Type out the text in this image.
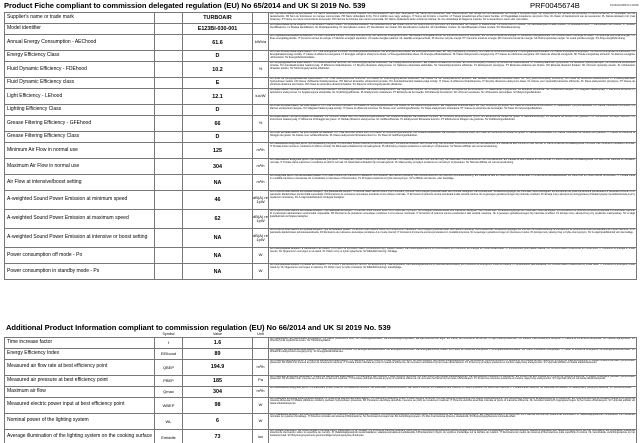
Product Fiche compliant to commission delegated regulation (EU) No 65/2014 and UK SI 2019 No. 539	PRF0045674B	F01810/2008 D1 09/08
Supplier's name or trade mark		TURBOAIR		BG Търговска марка на доставчика. CS Název dodavatele nebo ochranná známka. DA Leverandørens navn eller varemærke. DE Name des Lieferanten oder Warenzeichen. EE Tarnija nimi või kaubamärk. EL Όνομα ή εμπορικό σήμα του προμηθευτή. ES Nombre del proveedor o marca comercial. FI Toimittajan nimi tai tavaramerkki. FR Nom du fournisseur ou marque commerciale. HR Naziv dobavljača ili žig. HU A szállító neve vagy védjegye. IT Nome del fornitore o marchio. LT Tiekėjo pavadinimas arba prekės ženklas. LV Piegādātāja nosaukums vai preču zīme. NL Naam of handelsmerk van de leverancier. PL Nazwa dostawcy lub znak towarowy. PT Nome ou marca comercial do fornecedor. RO Numele furnizorului sau marca comercială. SK Názov dodávateľa alebo ochranná známka. SL Ime dobavitelja ali blagovna znamka. SV Leverantörens namn eller varumärke.
Model identifier		E123BI-030-001		BG Идентификатор на модела. CS Identifikační značka modelu. DA Modelidentifikation. DE Modellkennung. EE Mudeli tunnus. EL Αναγνωριστικό μοντέλου. ES Identificador del modelo. FI Mallitunniste. FR Référence du modèle. HR Identifikacijska oznaka modela. HU Modellazonosító. IT Identificativo del modello. LT Modelio identifikatorius. LV Modeļa identifikators. NL Modelaanduiding. PL Identyfikator modelu. PT Identificador de modelo. RO Identificatorul modelului. SK Identifikátor modelu. SL Identifikacijska oznaka modela. SV Modellbeteckning.
Annual Energy Consumption - AEChood		61.6	kWh/a	BG Годишна консумация на енергия. CS Roční spotřeba energie. DA Årligt energiforbrug. DE Jährlicher Energieverbrauch. EE Aastane energiatarbimine. EL Ετήσια κατανάλωση ενέργειας. ES Consumo anual de energía. FI Vuotuinen energiankulutus. FR Consommation d'énergie annuelle. HR Godišnja potrošnja energije. HU Éves energiafogyasztás. IT Consumo annuo di energia. LT Metinės energijos sąnaudos. LV Gada enerģijas patēriņš. NL Jaarlijks energieverbruik. PL Roczne zużycie energii. PT Consumo anual de energia. RO Consumul anual de energie. SK Ročná spotreba energie. SL Letna poraba energije. SV Årlig energiförbrukning.
Energy Efficiency Class		D		BG Клас на енергийна ефективност. CS Třída energetické účinnosti. DA Energieffektivitetsklasse. DE Energieeffizienzklasse. EE Energiatõhususe klass. EL Τάξη ενεργειακής απόδοσης. ES Clase de eficiencia energética. FI Energiatehokkuusluokka. FR Classe d'efficacité énergétique. HR Razred energetske učinkovitosti. HU Energiahatékonysági osztály. IT Classe di efficienza energetica. LT Energijos vartojimo efektyvumo klasė. LV Energoefektivitātes klase. NL Energie-efficiëntieklasse. PL Klasa efektywności energetycznej. PT Classe de eficiência energética. RO Clasa de eficiență energetică. SK Trieda energetickej účinnosti. SL Razred energijske učinkovitosti. SV Energieffektivitetsklass.
Fluid Dynamic Efficiency - FDEhood		10.2	%	BG Флуидодинамична ефективност. CS Fluidodynamická účinnost. DA Strømningsdynamisk effektivitet. DE Fluiddynamische Effizienz. EE Vedeliku dünaamiline tõhusus. EL Ρευστοδυναμική απόδοση. ES Eficiencia fluidodinámica. FI Virtausdynaaminen hyötysuhde. FR Efficacité fluidodynamique. HR Dinamička učinkovitost protoka. HU Áramlásdinamikai hatékonyság. IT Efficienza fluidodinamica. LT Skysčių dinaminis efektyvumas. LV Šķidrumu dinamiskā efektivitāte. NL Vloeistofdynamische efficiëntie. PL Efektywność przepływu. PT Eficiência dinâmica dos fluidos. RO Eficiența dinamicii fluidelor. SK Účinnosť dynamiky tekutín. SL Učinkovitost dinamike tekočin. SV Strömningsdynamisk effektivitet.
Fluid Dynamic Efficiency class		E		BG Клас на флуидодинамична ефективност. CS Třída fluidodynamické účinnosti. DA Klasse for strømningsdynamisk effektivitet. DE Klasse für die fluiddynamische Effizienz. EE Vedeliku dünaamilise tõhususe klass. EL Τάξη ρευστοδυναμικής απόδοσης. ES Clase de eficiencia fluidodinámica. FI Virtausdynaamisen hyötysuhteen luokka. FR Classe d'efficacité fluidodynamique. HR Razred dinamičke učinkovitosti protoka. HU Áramlásdinamikai hatékonysági osztály. IT Classe di efficienza fluidodinamica. LT Skysčių dinaminio efektyvumo klasė. NL Klasse voor vloeistofdynamische efficiëntie. PL Klasa efektywności przepływu. PT Classe de eficiência dinâmica dos fluidos. RO Clasa de eficiență a dinamicii fluidelor. SV Klass för strömningsdynamisk effektivitet.
Light Efficiency - LEhood		12.1	lux/W	BG Ефективност на осветлението. CS Účinnost osvětlení. DA Belysningseffektivitet. DE Beleuchtungseffizienz. EE Valgustuse tõhusus. EL Απόδοση φωτισμού. ES Eficiencia de iluminación. FI Valaistuksen hyötysuhde. FR Efficacité lumineuse. HR Učinkovitost rasvjete. HU Világítási hatékonyság. IT Efficienza luminosa. LT Apšvietimo efektyvumas. LV Apgaismojuma efektivitāte. NL Verlichtingsefficiëntie. PL Efektywność oświetlenia. PT Eficiência da iluminação. RO Eficiența iluminatului. SK Účinnosť osvetlenia. SL Učinkovitost razsvetljave. SV Belysningseffektivitet.
Lighting Efficiency Class		D		BG Клас на ефективност на осветлението. CS Třída účinnosti osvětlení. DA Klasse for belysningseffektivitet. DE Klasse für die Beleuchtungseffizienz. EE Valgustuse tõhususe klass. EL Τάξη απόδοσης φωτισμού. ES Clase de eficiencia de iluminación. FI Valaistuksen hyötysuhdeluokka. FR Classe d'efficacité lumineuse. HR Razred učinkovitosti rasvjete. HU Világítási hatékonysági osztály. IT Classe di efficienza luminosa. NL Klasse voor verlichtingsefficiëntie. PL Klasa efektywności oświetlenia. PT Classe de eficiência da iluminação. SV Klass för belysningseffektivitet.
Grease Filtering Efficiency - GFEhood		66	%	BG Ефективност на филтриране на мазнини. CS Účinnost filtrace tuků. DA Fedtfiltreringseffektivitet. DE Fettabscheidegrad. EE Rasvafiltri tõhusus. EL Απόδοση φιλτραρίσματος λιπών. ES Eficiencia de filtrado de grasa. FI Rasvanerotuskyky. FR Efficacité de filtration des graisses. HR Učinkovitost filtriranja masnoće. HU Zsírszűrési hatékonyság. IT Efficienza di filtraggio dei grassi. LT Riebalų filtravimo efektyvumas. NL Vetfilterefficiëntie. PL Efektywność filtrowania tłuszczu. PT Eficiência de filtragem de gorduras. SV Fettfiltreringseffektivitet.
Grease Filtering Efficiency Class		D		BG Клас на ефективност на филтриране на мазнини. CS Třída účinnosti filtrace tuků. DA Klasse for fedtfiltreringseffektivitet. DE Fettabscheideklasse. EE Rasvafiltri tõhususe klass. ES Clase de eficiencia de filtrado de grasa. FI Rasvanerotusluokka. FR Classe d'efficacité de filtration des graisses. IT Classe di efficienza di filtraggio dei grassi. NL Klasse voor vetfilterefficiëntie. PL Klasa efektywności filtrowania tłuszczu. SV Klass för fettfiltreringseffektivitet.
Minimum Air Flow in normal use		125	m³/h	BG Минимален въздушен дебит при нормална употреба. CS Minimální průtok vzduchu při běžném používání. DA Minimal luftstrøm ved normal brug. DE Minimaler Luftvolumenstrom bei Normalbetrieb. ES Caudal de aire mínimo en uso normal. FI Pienin ilmavirta normaalikäytössä. FR Débit d'air minimal en utilisation normale. IT Portata d'aria minima in condizioni di utilizzo normali. NL Minimaal luchtdebiet bij normaal gebruik. PL Minimalny przepływ powietrza w normalnym użytkowaniu. SV Minsta luftflöde vid normal användning.
Maximum Air Flow in normal use		304	m³/h	BG Максимален въздушен дебит при нормална употреба. CS Maximální průtok vzduchu při běžném používání. DA Maksimal luftstrøm ved normal brug. DE Maximaler Luftvolumenstrom bei Normalbetrieb. ES Caudal de aire máximo en uso normal. FI Suurin ilmavirta normaalikäytössä. FR Débit d'air maximal en utilisation normale. IT Portata d'aria massima in condizioni di utilizzo normali. NL Maximaal luchtdebiet bij normaal gebruik. PL Maksymalny przepływ powietrza w normalnym użytkowaniu. SV Största luftflöde vid normal användning.
Air Flow at intensive/boost setting		NA	m³/h	BG Въздушен дебит при интензивен режим. CS Průtok vzduchu při intenzivním nastavení. DA Luftstrøm ved intensiv indstilling. DE Luftvolumenstrom bei Intensiv-/Schnelleinstellung. ES Caudal de aire en modo intensivo o acelerado. FI Ilmavirta tehostusasetuksella. FR Débit d'air en mode intensif ou accéléré. IT Portata d'aria in modalità intensiva o accelerata. NL Luchtdebiet in intensieve of boostmodus. PL Przepływ powietrza w trybie intensywnym. SV Luftflöde vid intensiv- eller boostläge.
A-weighted Sound Power Emission at minimum speed		46	dB(A) re 1pW	BG А-претеглени емисии на шумова мощност при минимална скорост. CS Emise hluku vážené filtrem A při minimální rychlosti. DA A-vægtet lydeffektniveau ved minimal hastighed. DE A-bewerteter Schallleistungspegel bei minimaler Geschwindigkeit. ES Emisiones de potencia acústica ponderada A a velocidad mínima. FI A-painotettu äänitehotaso pienimmällä nopeudella. FR Émissions de puissance acoustique pondérée A à la vitesse minimale. IT Emissioni di potenza sonora ponderata A alla velocità minima. NL A-gewogen geluidsvermogen bij minimale snelheid. PL Emisja mocy akustycznej skorygowanej charakterystyką częstotliwościową A przy prędkości minimalnej. SV A-vägd ljudeffektnivå vid lägsta hastighet.
A-weighted Sound Power Emission at maximum speed		62	dB(A) re 1pW	BG А-претеглени емисии на шумова мощност при максимална скорост. CS Emise hluku vážené filtrem A při maximální rychlosti. DA A-vægtet lydeffektniveau ved maksimal hastighed. DE A-bewerteter Schallleistungspegel bei maximaler Geschwindigkeit. ES Emisiones de potencia acústica ponderada A a velocidad máxima. FI A-painotettu äänitehotaso suurimmalla nopeudella. FR Émissions de puissance acoustique pondérée A à la vitesse maximale. IT Emissioni di potenza sonora ponderata A alla velocità massima. NL A-gewogen geluidsvermogen bij maximale snelheid. PL Emisja mocy akustycznej przy prędkości maksymalnej. SV A-vägd ljudeffektnivå vid högsta hastighet.
A-weighted Sound Power Emission at intensive or boost setting		NA	dB(A) re 1pW	BG А-претеглени емисии на шумова мощност при интензивен режим. CS Emise hluku vážené filtrem A při intenzivním nastavení. DA A-vægtet lydeffektniveau ved intensiv indstilling. DE A-bewerteter Schallleistungspegel bei Intensiv-/Schnelleinstellung. ES Emisiones de potencia acústica ponderada A en modo intensivo. FI A-painotettu äänitehotaso tehostusasetuksella. FR Émissions de puissance acoustique pondérée A en mode intensif. IT Emissioni di potenza sonora ponderata A in modalità intensiva. NL A-gewogen geluidsvermogen in intensieve modus. PL Emisja mocy akustycznej w trybie intensywnym. SV A-vägd ljudeffektnivå vid intensivläge.
Power consumption off mode - Po		NA	W	BG Консумирана мощност в изключено състояние. CS Příkon ve vypnutém stavu. DA Effektforbrug i slukket tilstand. DE Leistungsaufnahme im Aus-Zustand. ES Consumo de energía en modo desactivado. FI Virrankulutus pois päältä -tilassa. FR Consommation d'électricité en mode arrêt. IT Consumo di energia in modo spento. NL Opgenomen vermogen in uit-stand. PL Pobór mocy w trybie wyłączenia. SV Effektförbrukning i frånläge.
Power consumption in standby mode - Ps		NA	W	BG Консумирана мощност в режим на готовност. CS Příkon v pohotovostním režimu. DA Effektforbrug i standbytilstand. DE Leistungsaufnahme im Bereitschaftszustand. ES Consumo de energía en modo de espera. FI Virrankulutus valmiustilassa. FR Consommation d'électricité en mode veille. IT Consumo di energia in modo stand-by. NL Opgenomen vermogen in stand-by. PL Pobór mocy w trybie czuwania. SV Effektförbrukning i standbyläge.
Additional Product Information compliant to commission regulation (EU) No 66/2014 and UK SI 2019 No. 539
	Symbol	Value	Unit	
Time increase factor	f	1.6		BG Коефициент на увеличение на времето. CS Faktor prodloužení doby. DA Tidsforøgelsesfaktor. DE Zeitverlängerungsfaktor. EE Aja suurenemise tegur. ES Factor de incremento de tiempo. FI Ajan pidentymiskerroin. FR Facteur d'accroissement temporel. IT Fattore di incremento temporale. NL Tijdsverhogingsfactor. PL Współczynnik wydłużenia czasu. SV Tidsökningsfaktor.
Energy Efficiency Index	EEIhood	89		BG Индекс на енергийна ефективност. CS Index energetické účinnosti. DA Energieffektivitetsindeks. DE Energieeffizienzindex. EE Energiatõhususe indeks. ES Índice de eficiencia energética. FI Energiatehokkuusindeksi. FR Indice d'efficacité énergétique. IT Indice di efficienza energetica. NL Energie-efficiëntie-index. PL Wskaźnik efektywności energetycznej. SV Energieffektivitetsindex.
Measured air flow rate at best efficiency point	QBEP	194.9	m³/h	BG Измерен въздушен дебит в точката на най-висока ефективност. CS Naměřený průtok vzduchu v bodě nejvyšší účinnosti. DA Målt luftstrøm ved bedste effektivitetspunkt. DE Gemessener Luftvolumenstrom im Bestpunkt. ES Caudal de aire medido en el punto de máxima eficiencia. FI Mitattu ilmavirta parhaan hyötysuhteen pisteessä. FR Débit d'air mesuré au point de rendement maximal. IT Portata d'aria misurata al punto di massima efficienza. NL Gemeten luchtdebiet bij het beste efficiëntiepunt. PL Zmierzony przepływ powietrza w punkcie najwyższej efektywności. SV Uppmätt luftflöde vid bästa effektivitetspunkt.
Measured air pressure at best efficiency point	PBEP	185	Pa	BG Измерено въздушно налягане в точката на най-висока ефективност. CS Naměřený tlak vzduchu v bodě nejvyšší účinnosti. DA Målt lufttryk ved bedste effektivitetspunkt. DE Gemessener Luftdruck im Bestpunkt. ES Presión de aire medida en el punto de máxima eficiencia. FI Mitattu ilmanpaine parhaan hyötysuhteen pisteessä. FR Pression d'air mesurée au point de rendement maximal. IT Pressione dell'aria misurata al punto di massima efficienza. NL Gemeten luchtdruk bij het beste efficiëntiepunt. PL Zmierzone ciśnienie powietrza w punkcie najwyższej efektywności. SV Uppmätt lufttryck vid bästa effektivitetspunkt.
Maximum air flow	Qmax	304	m³/h	BG Максимален въздушен дебит. CS Maximální průtok vzduchu. DA Maksimal luftstrøm. DE Maximaler Luftvolumenstrom. EE Suurim õhuvool. ES Caudal de aire máximo. FI Suurin ilmavirta. FR Débit d'air maximal. IT Portata d'aria massima. NL Maximaal luchtdebiet. PL Maksymalny przepływ powietrza. SV Största luftflöde.
Measured electric power input at best efficiency point	WBEP	98	W	BG Измерена входяща електрическа мощност в точката на най-висока ефективност. CS Naměřený elektrický příkon v bodě nejvyšší účinnosti. DA Målt elektrisk effektforbrug ved bedste effektivitetspunkt. DE Gemessene elektrische Eingangsleistung im Bestpunkt. ES Potencia eléctrica de entrada medida en el punto de máxima eficiencia. FI Mitattu sähköinen ottoteho parhaan hyötysuhteen pisteessä. FR Puissance électrique absorbée mesurée au point de rendement maximal. IT Potenza elettrica assorbita misurata al punto di massima efficienza. NL Gemeten elektrisch ingangsvermogen bij het beste efficiëntiepunt. SV Uppmätt eleffekt vid bästa effektivitetspunkt.
Nominal power of the lighting system	WL	6	W	BG Номинална мощност на осветителната система. CS Jmenovitý příkon osvětlovací soustavy. DA Belysningssystemets nominelle effekt. DE Nennleistung des Beleuchtungssystems. EE Valgustussüsteemi nimivõimsus. ES Potencia nominal del sistema de iluminación. FI Valaistusjärjestelmän nimellisteho. FR Puissance nominale du système d'éclairage. IT Potenza nominale del sistema di illuminazione. NL Nominaal vermogen van het verlichtingssysteem. PL Moc znamionowa systemu oświetlenia. SV Belysningssystemets nominella effekt.
Average illumination of the lighting system on the cooking surface	Emiddle	73	lux	BG Средна осветеност на осветителната система върху повърхността за готвене. CS Průměrná intenzita osvětlení varné plochy. DA Belysningssystemets gennemsnitlige belysningsstyrke på kogefladen. DE Durchschnittliche Beleuchtungsstärke des Beleuchtungssystems auf der Kochfläche. ES Iluminación media del sistema de iluminación sobre la superficie de cocción. FI Valaistusjärjestelmän keskimääräinen valaistusvoimakkuus keittotasolla. FR Éclairement moyen du système d'éclairage sur la surface de cuisson. IT Illuminamento medio del sistema di illuminazione sulla superficie di cottura. NL Gemiddelde verlichtingssterkte op het kookoppervlak. SV Belysningssystemets genomsnittliga belysningsstyrka på kokytan.
